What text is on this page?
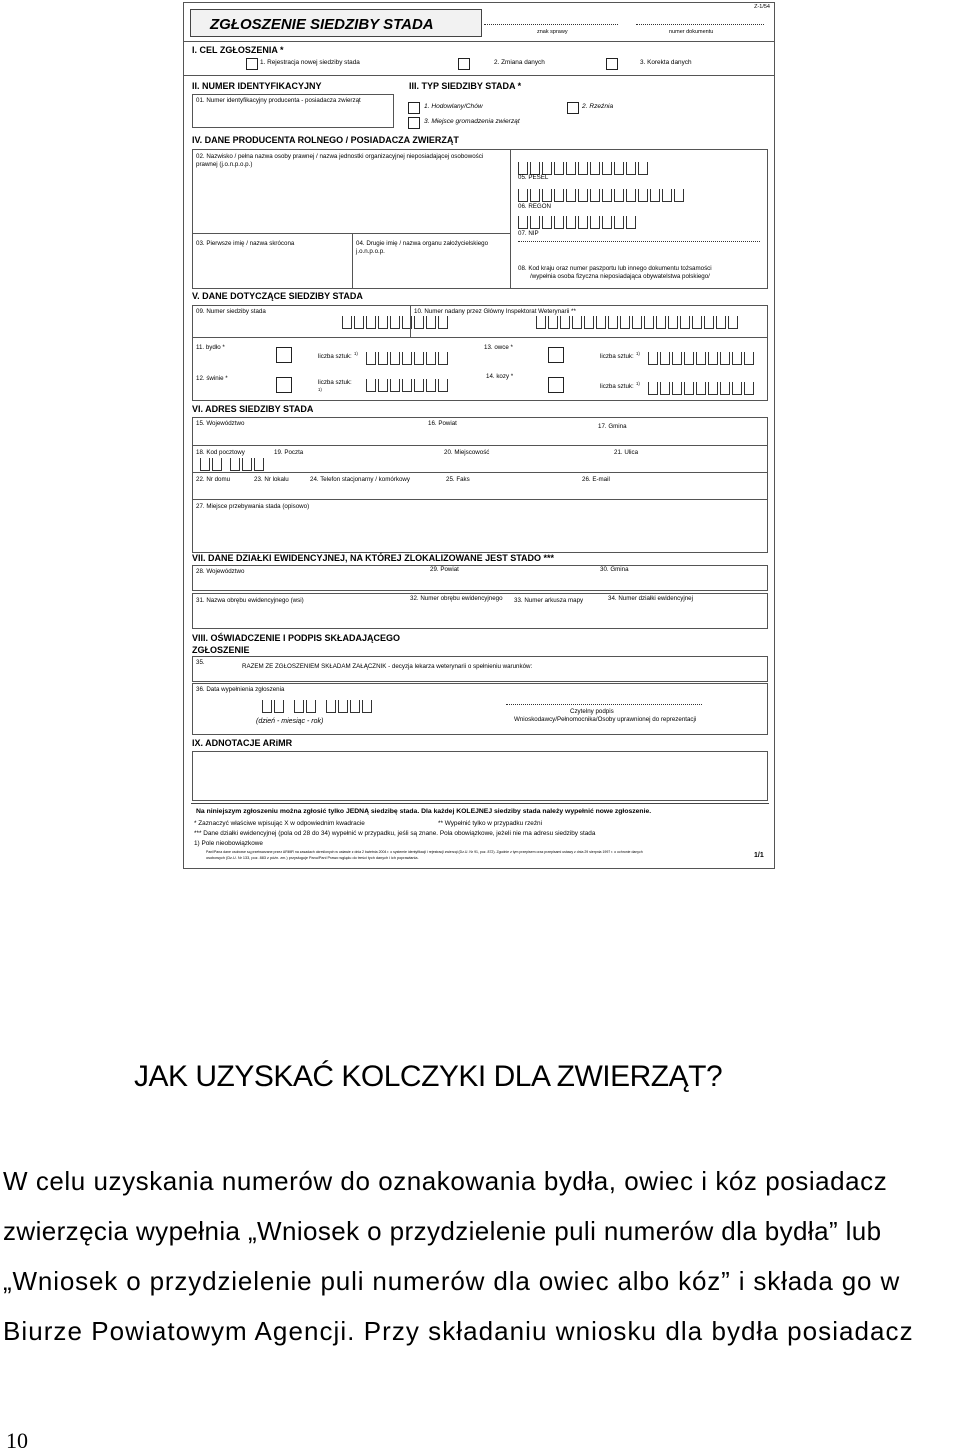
Z-1/54
ZGŁOSZENIE SIEDZIBY STADA	znak sprawy	numer dokumentu
I. CEL ZGŁOSZENIA *
1. Rejestracja nowej siedziby stada	2. Zmiana danych	3. Korekta danych
II. NUMER IDENTYFIKACYJNY
01. Numer identyfikacyjny producenta - posiadacza zwierząt
III. TYP SIEDZIBY STADA *
1. Hodowlany/Chów	2. Rzeźnia
3. Miejsce gromadzenia zwierząt
IV. DANE PRODUCENTA ROLNEGO / POSIADACZA ZWIERZĄT
02. Nazwisko / pełna nazwa osoby prawnej / nazwa jednostki organizacyjnej nieposiadającej osobowości
prawnej (j.o.n.p.o.p.)
03. Pierwsze imię / nazwa skrócona	04. Drugie imię / nazwa organu założycielskiego
j.o.n.p.o.p.
05. PESEL
06. REGON
07. NIP
08. Kod kraju oraz numer paszportu lub innego dokumentu tożsamości
/wypełnia osoba fizyczna nieposiadająca obywatelstwa polskiego/
V. DANE DOTYCZĄCE SIEDZIBY STADA
09. Numer siedziby stada	10. Numer nadany przez Główny Inspektorat Weterynarii **
11. bydło *
liczba sztuk: 1)
12. świnie *
liczba sztuk:
1)
13. owce *
liczba sztuk: 1)
14. kozy *
liczba sztuk: 1)
VI. ADRES SIEDZIBY STADA
15. Województwo	16. Powiat	17. Gmina
18. Kod pocztowy	19. Poczta	20. Miejscowość	21. Ulica
22. Nr domu	23. Nr lokalu	24. Telefon stacjonarny / komórkowy	25. Faks	26. E-mail
27. Miejsce przebywania stada (opisowo)
VII. DANE DZIAŁKI EWIDENCYJNEJ, NA KTÓREJ ZLOKALIZOWANE JEST STADO ***
28. Województwo	29. Powiat	30. Gmina
31. Nazwa obrębu ewidencyjnego (wsi)	32. Numer obrębu ewidencyjnego 33. Numer arkusza mapy	34. Numer działki ewidencyjnej
VIII. OŚWIADCZENIE I PODPIS SKŁADAJĄCEGO
ZGŁOSZENIE
35.
RAZEM ZE ZGŁOSZENIEM SKŁADAM ZAŁĄCZNIK - decyzja lekarza weterynarii o spełnieniu warunków:
36. Data wypełnienia zgłoszenia
(dzień - miesiąc - rok)
Czytelny podpis
Wnioskodawcy/Pełnomocnika/Osoby uprawnionej do reprezentacji
IX. ADNOTACJE ARiMR
Na niniejszym zgłoszeniu można zgłosić tylko JEDNĄ siedzibę stada. Dla każdej KOLEJNEJ siedziby stada należy wypełnić nowe zgłoszenie.
* Zaznaczyć właściwe wpisując X w odpowiednim kwadracie	** Wypełnić tylko w przypadku rzeźni
*** Dane działki ewidencyjnej (pola od 28 do 34) wypełnić w przypadku, jeśli są znane. Pola obowiązkowe, jeżeli nie ma adresu siedziby stada
1) Pole nieobowiązkowe
Pani/Pana dane osobowe są przetwarzane przez ARiMR na zasadach określonych w ustawie z dnia 2 kwietnia 2004 r. o systemie identyfikacji i rejestracji zwierząt (Dz.U. Nr 91, poz. 872). Zgodnie z tym przepisem oraz przepisami ustawy z dnia 29 sierpnia 1997 r. o ochronie danych
osobowych (Dz.U. Nr 133, poz. 883 z późn. zm.) przysługuje Panu/Pani Prawo wglądu do treści tych danych i ich poprawiania.	1/1
JAK UZYSKAĆ KOLCZYKI DLA ZWIERZĄT?
W celu uzyskania numerów do oznakowania bydła, owiec i kóz posiadacz
zwierzęcia wypełnia „Wniosek o przydzielenie puli numerów dla bydła” lub
„Wniosek o przydzielenie puli numerów dla owiec albo kóz” i składa go w
Biurze Powiatowym Agencji. Przy składaniu wniosku dla bydła posiadacz
10
